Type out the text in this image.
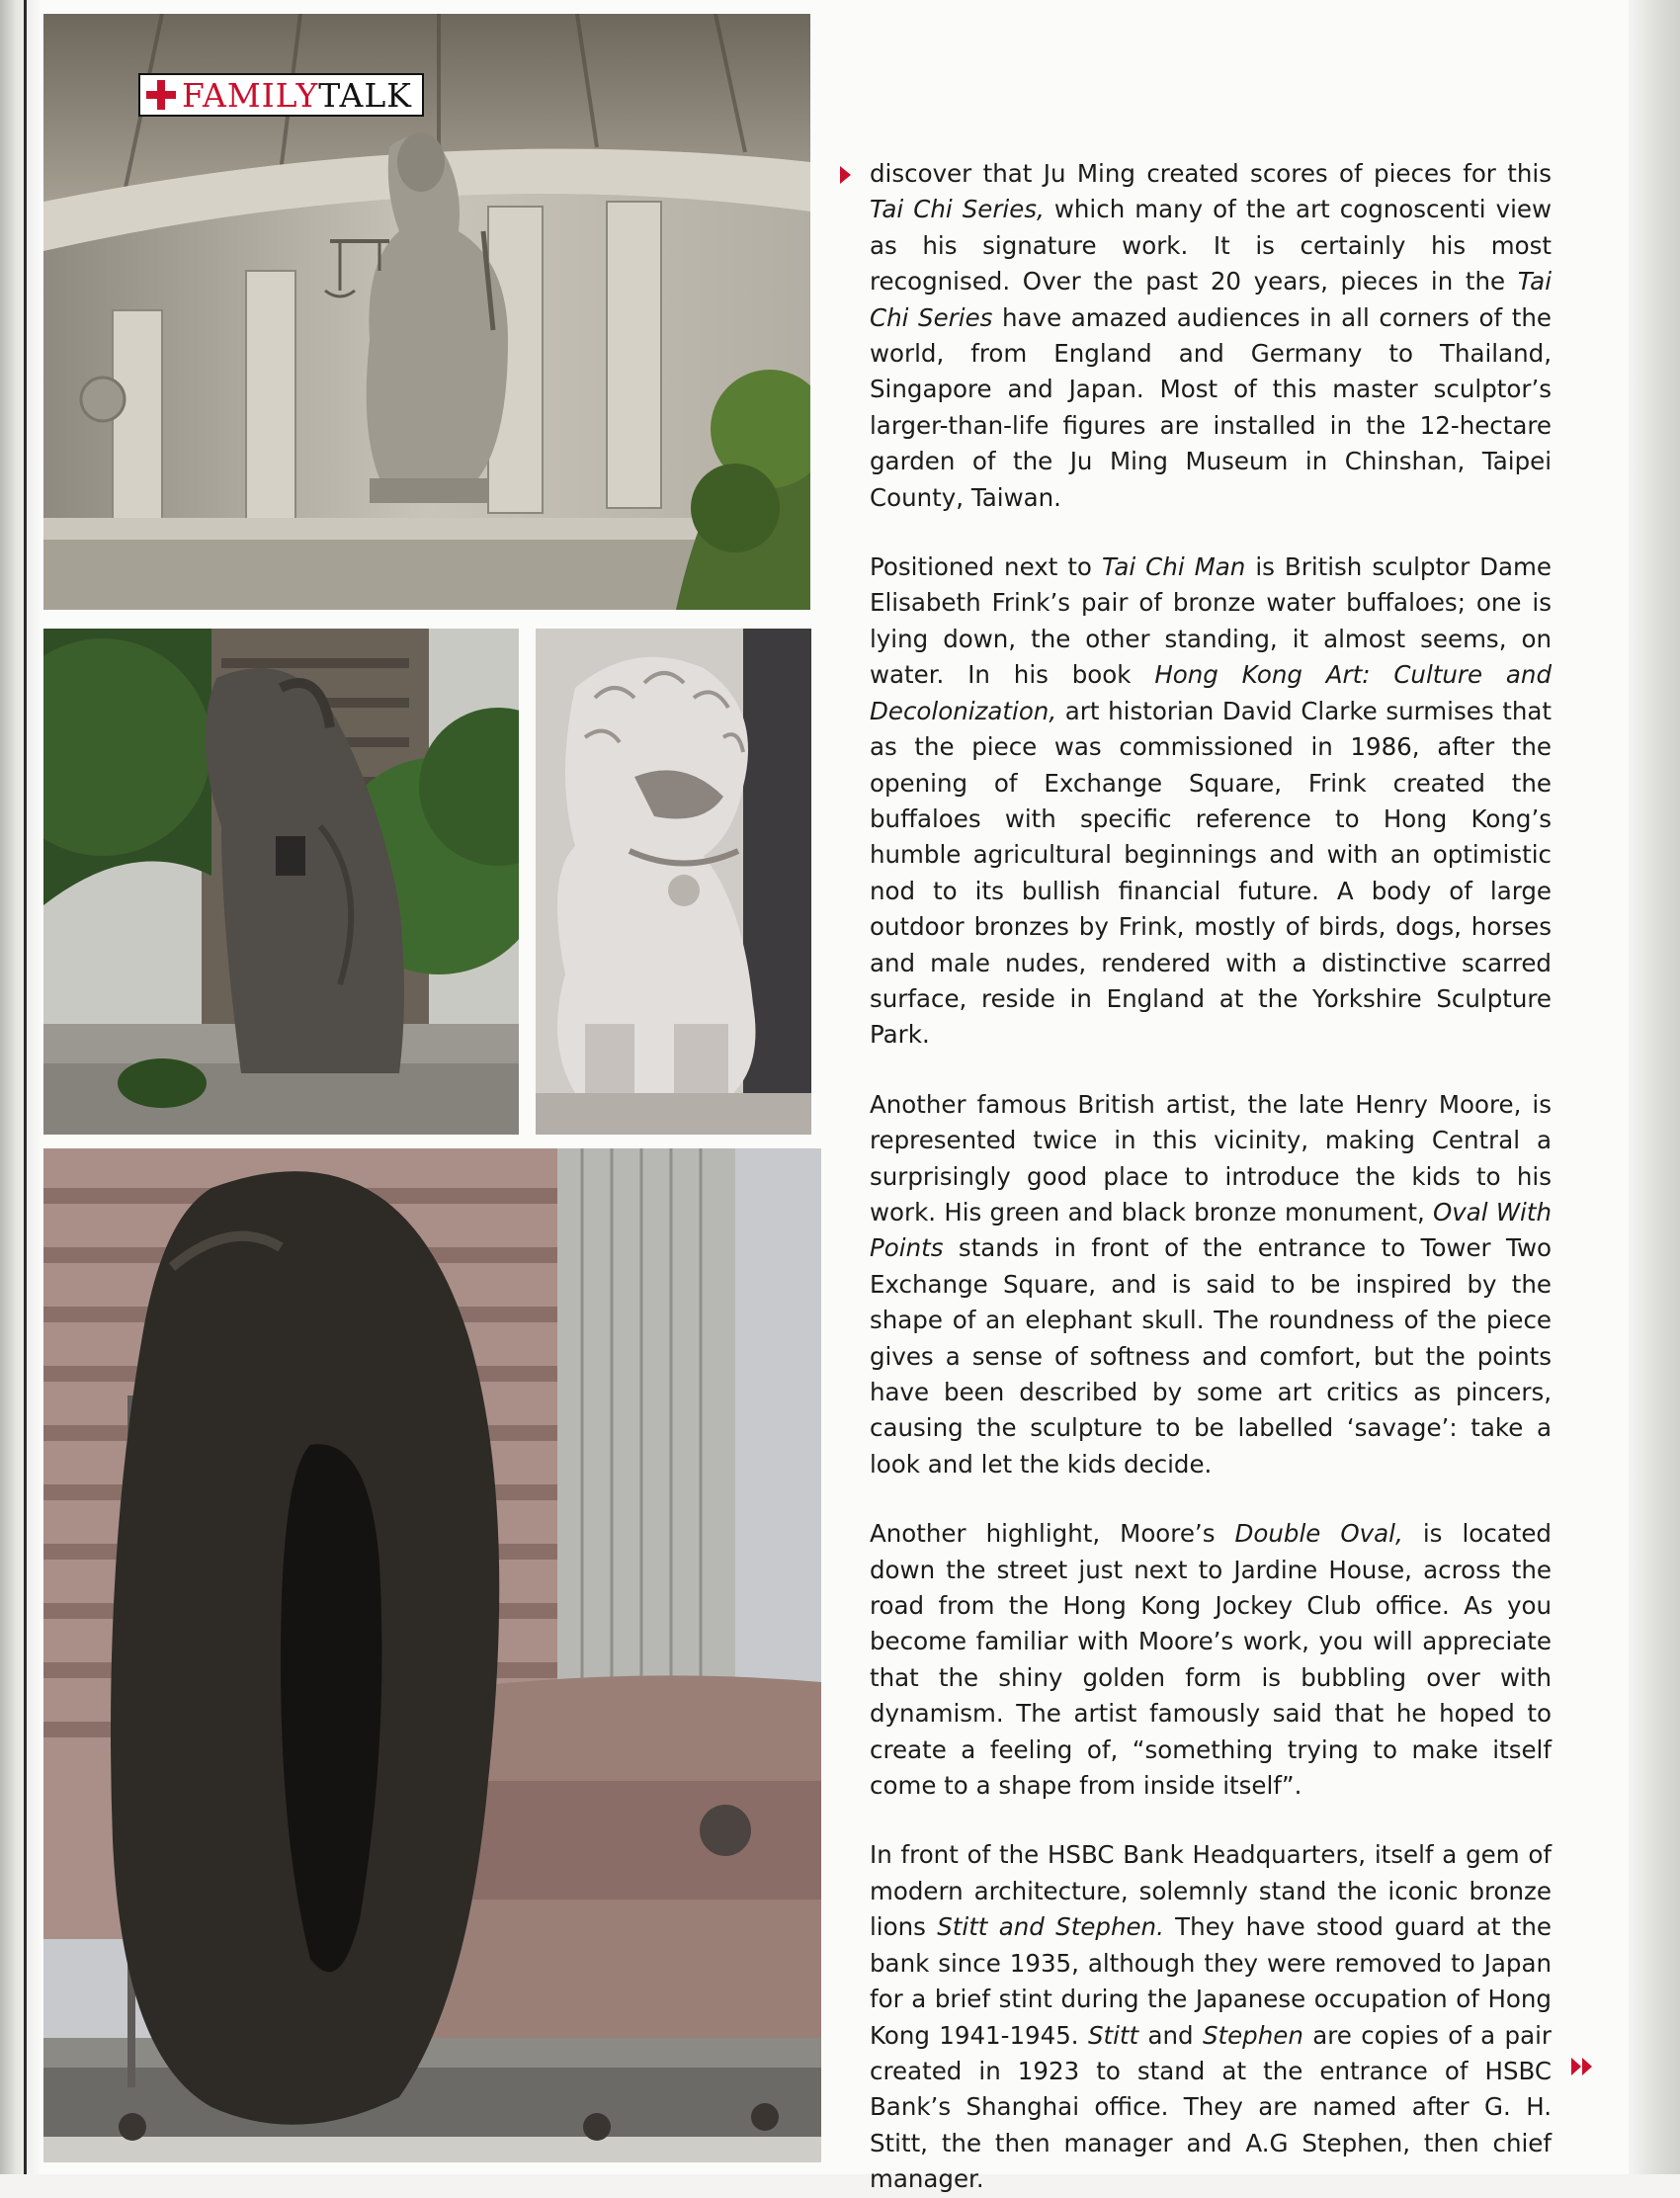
FAMILY TALK

discover that Ju Ming created scores of pieces for this Tai Chi Series, which many of the art cognoscenti view as his signature work. It is certainly his most recognised. Over the past 20 years, pieces in the Tai Chi Series have amazed audiences in all corners of the world, from England and Germany to Thailand, Singapore and Japan. Most of this master sculptor’s larger-than-life figures are installed in the 12-hectare garden of the Ju Ming Museum in Chinshan, Taipei County, Taiwan.

Positioned next to Tai Chi Man is British sculptor Dame Elisabeth Frink’s pair of bronze water buffaloes; one is lying down, the other standing, it almost seems, on water. In his book Hong Kong Art: Culture and Decolonization, art historian David Clarke surmises that as the piece was commissioned in 1986, after the opening of Exchange Square, Frink created the buffaloes with specific reference to Hong Kong’s humble agricultural beginnings and with an optimistic nod to its bullish financial future. A body of large outdoor bronzes by Frink, mostly of birds, dogs, horses and male nudes, rendered with a distinctive scarred surface, reside in England at the Yorkshire Sculpture Park.

Another famous British artist, the late Henry Moore, is represented twice in this vicinity, making Central a surprisingly good place to introduce the kids to his work. His green and black bronze monument, Oval With Points stands in front of the entrance to Tower Two Exchange Square, and is said to be inspired by the shape of an elephant skull. The roundness of the piece gives a sense of softness and comfort, but the points have been described by some art critics as pincers, causing the sculpture to be labelled ‘savage’: take a look and let the kids decide.

Another highlight, Moore’s Double Oval, is located down the street just next to Jardine House, across the road from the Hong Kong Jockey Club office. As you become familiar with Moore’s work, you will appreciate that the shiny golden form is bubbling over with dynamism. The artist famously said that he hoped to create a feeling of, “something trying to make itself come to a shape from inside itself”.

In front of the HSBC Bank Headquarters, itself a gem of modern architecture, solemnly stand the iconic bronze lions Stitt and Stephen. They have stood guard at the bank since 1935, although they were removed to Japan for a brief stint during the Japanese occupation of Hong Kong 1941-1945. Stitt and Stephen are copies of a pair created in 1923 to stand at the entrance of HSBC Bank’s Shanghai office. They are named after G. H. Stitt, the then manager and A.G Stephen, then chief manager.
